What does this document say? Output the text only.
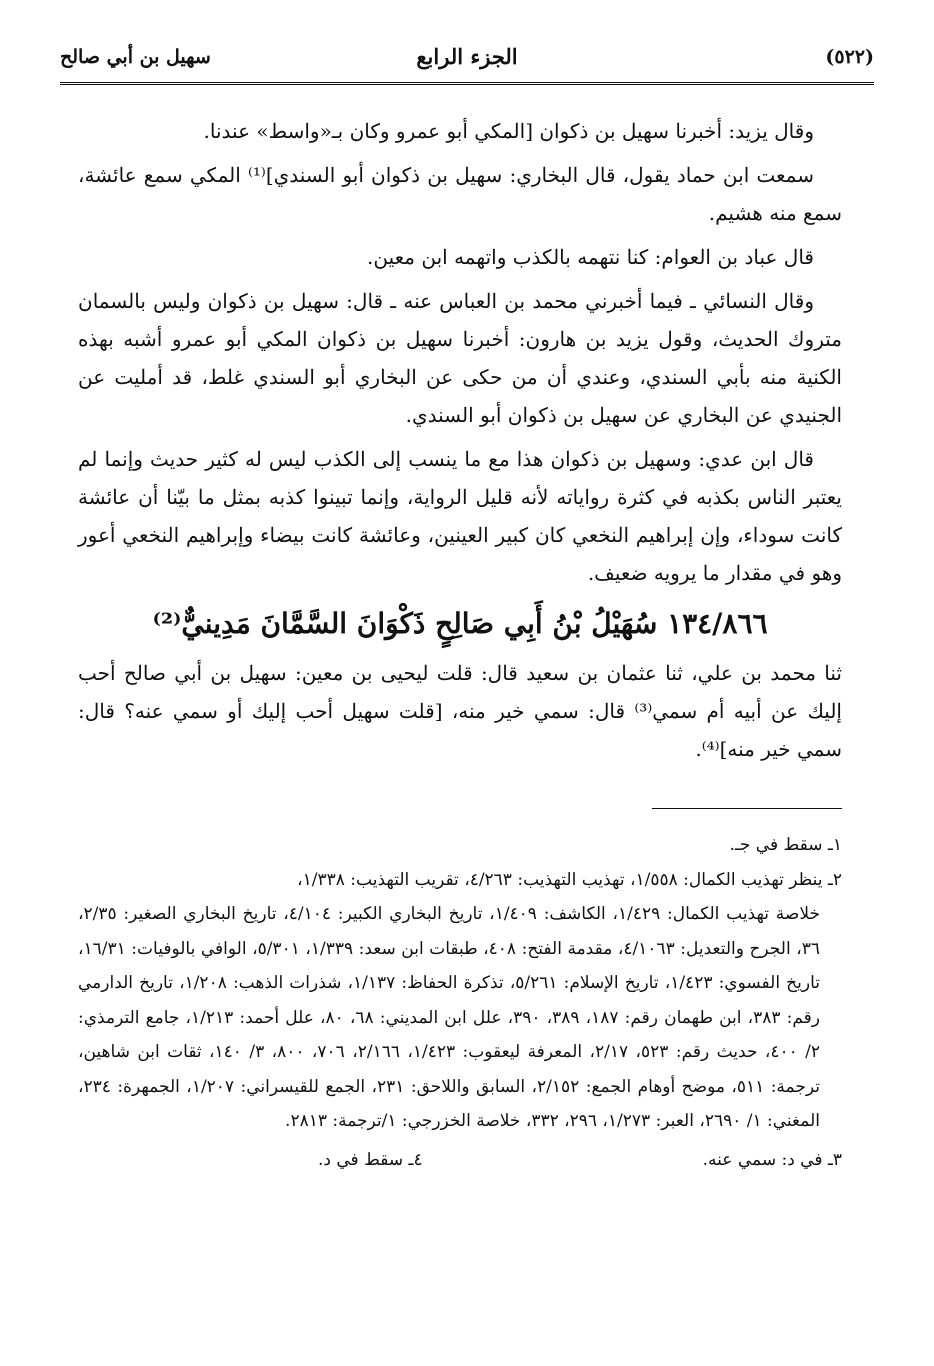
(٥٢٢)
الجزء الرابع
سهيل بن أبي صالح

وقال يزيد: أخبرنا سهيل بن ذكوان [المكي أبو عمرو وكان بـ«واسط» عندنا.

سمعت ابن حماد يقول، قال البخاري: سهيل بن ذكوان أبو السندي]⁽¹⁾ المكي سمع عائشة، سمع منه هشيم.

قال عباد بن العوام: كنا نتهمه بالكذب واتهمه ابن معين.

وقال النسائي ـ فيما أخبرني محمد بن العباس عنه ـ قال: سهيل بن ذكوان وليس بالسمان متروك الحديث، وقول يزيد بن هارون: أخبرنا سهيل بن ذكوان المكي أبو عمرو أشبه بهذه الكنية منه بأبي السندي، وعندي أن من حكى عن البخاري أبو السندي غلط، قد أمليت عن الجنيدي عن البخاري عن سهيل بن ذكوان أبو السندي.

قال ابن عدي: وسهيل بن ذكوان هذا مع ما ينسب إلى الكذب ليس له كثير حديث وإنما لم يعتبر الناس بكذبه في كثرة رواياته لأنه قليل الرواية، وإنما تبينوا كذبه بمثل ما بيّنا أن عائشة كانت سوداء، وإن إبراهيم النخعي كان كبير العينين، وعائشة كانت بيضاء وإبراهيم النخعي أعور وهو في مقدار ما يرويه ضعيف.

١٣٤/٨٦٦ سُهَيْلُ بْنُ أَبِي صَالِحٍ ذَكْوَانَ السَّمَّانَ مَدِينيٌّ⁽²⁾

ثنا محمد بن علي، ثنا عثمان بن سعيد قال: قلت ليحيى بن معين: سهيل بن أبي صالح أحب إليك عن أبيه أم سمي⁽³⁾ قال: سمي خير منه، [قلت سهيل أحب إليك أو سمي عنه؟ قال: سمي خير منه]⁽⁴⁾.

١ـ سقط في جـ.

٢ـ ينظر تهذيب الكمال: ١/٥٥٨، تهذيب التهذيب: ٤/٢٦٣، تقريب التهذيب: ١/٣٣٨،
خلاصة تهذيب الكمال: ١/٤٢٩، الكاشف: ١/٤٠٩، تاريخ البخاري الكبير: ٤/١٠٤، تاريخ البخاري الصغير: ٢/٣٥، ٣٦، الجرح والتعديل: ٤/١٠٦٣، مقدمة الفتح: ٤٠٨، طبقات ابن سعد: ١/٣٣٩، ٥/٣٠١، الوافي بالوفيات: ١٦/٣١، تاريخ الفسوي: ١/٤٢٣، تاريخ الإسلام: ٥/٢٦١، تذكرة الحفاظ: ١/١٣٧، شذرات الذهب: ١/٢٠٨، تاريخ الدارمي رقم: ٣٨٣، ابن طهمان رقم: ١٨٧، ٣٨٩، ٣٩٠، علل ابن المديني: ٦٨، ٨٠، علل أحمد: ١/٢١٣، جامع الترمذي: ٢/ ٤٠٠، حديث رقم: ٥٢٣، ٢/١٧، المعرفة ليعقوب: ١/٤٢٣، ٢/١٦٦، ٧٠٦، ٨٠٠، ٣/ ١٤٠، ثقات ابن شاهين، ترجمة: ٥١١، موضح أوهام الجمع: ٢/١٥٢، السابق واللاحق: ٢٣١، الجمع للقيسراني: ١/٢٠٧، الجمهرة: ٢٣٤، المغني: ١/ ٢٦٩٠، العبر: ١/٢٧٣، ٢٩٦، ٣٣٢، خلاصة الخزرجي: ١/ترجمة: ٢٨١٣.

٣ـ في د: سمي عنه.
٤ـ سقط في د.
